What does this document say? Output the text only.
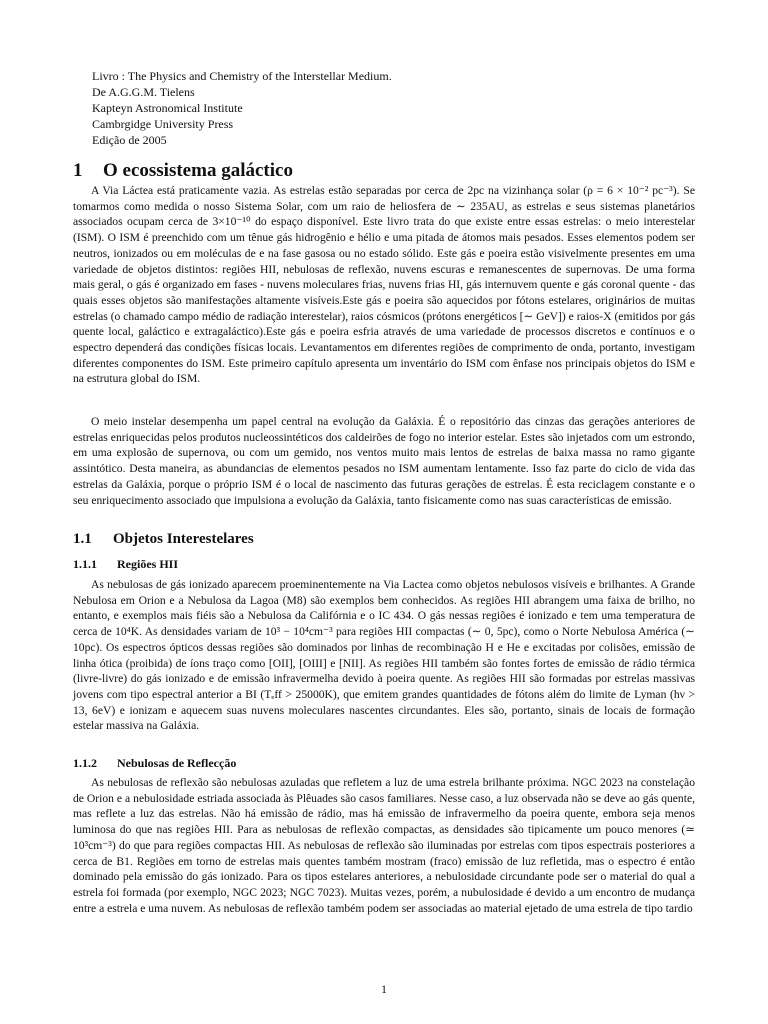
Livro : The Physics and Chemistry of the Interstellar Medium.
De A.G.G.M. Tielens
Kapteyn Astronomical Institute
Cambrgidge University Press
Edição de 2005
1 O ecossistema galáctico
A Via Láctea está praticamente vazia. As estrelas estão separadas por cerca de 2pc na vizinhança solar (ρ = 6 × 10⁻² pc⁻³). Se tomarmos como medida o nosso Sistema Solar, com um raio de heliosfera de ∼ 235AU, as estrelas e seus sistemas planetários associados ocupam cerca de 3×10⁻¹⁰ do espaço disponível. Este livro trata do que existe entre essas estrelas: o meio interestelar (ISM). O ISM é preenchido com um tênue gás hidrogênio e hélio e uma pitada de átomos mais pesados. Esses elementos podem ser neutros, ionizados ou em moléculas de e na fase gasosa ou no estado sólido. Este gás e poeira estão visivelmente presentes em uma variedade de objetos distintos: regiões HII, nebulosas de reflexão, nuvens escuras e remanescentes de supernovas. De uma forma mais geral, o gás é organizado em fases - nuvens moleculares frias, nuvens frias HI, gás internuvem quente e gás coronal quente - das quais esses objetos são manifestações altamente visíveis.Este gás e poeira são aquecidos por fótons estelares, originários de muitas estrelas (o chamado campo médio de radiação interestelar), raios cósmicos (prótons energéticos [∼ GeV]) e raios-X (emitidos por gás quente local, galáctico e extragaláctico).Este gás e poeira esfria através de uma variedade de processos discretos e contínuos e o espectro dependerá das condições físicas locais. Levantamentos em diferentes regiões de comprimento de onda, portanto, investigam diferentes componentes do ISM. Este primeiro capítulo apresenta um inventário do ISM com ênfase nos principais objetos do ISM e na estrutura global do ISM.
O meio instelar desempenha um papel central na evolução da Galáxia. É o repositório das cinzas das gerações anteriores de estrelas enriquecidas pelos produtos nucleossintéticos dos caldeirões de fogo no interior estelar. Estes são injetados com um estrondo, em uma explosão de supernova, ou com um gemido, nos ventos muito mais lentos de estrelas de baixa massa no ramo gigante assintótico. Desta maneira, as abundancias de elementos pesados no ISM aumentam lentamente. Isso faz parte do ciclo de vida das estrelas da Galáxia, porque o próprio ISM é o local de nascimento das futuras gerações de estrelas. É esta reciclagem constante e o seu enriquecimento associado que impulsiona a evolução da Galáxia, tanto fisicamente como nas suas características de emissão.
1.1 Objetos Interestelares
1.1.1 Regiões HII
As nebulosas de gás ionizado aparecem proeminentemente na Via Lactea como objetos nebulosos visíveis e brilhantes. A Grande Nebulosa em Orion e a Nebulosa da Lagoa (M8) são exemplos bem conhecidos. As regiões HII abrangem uma faixa de brilho, no entanto, e exemplos mais fiéis são a Nebulosa da Califórnia e o IC 434. O gás nessas regiões é ionizado e tem uma temperatura de cerca de 10⁴K. As densidades variam de 10³ − 10⁴cm⁻³ para regiões HII compactas (∼ 0, 5pc), como o Norte Nebulosa América (∼ 10pc). Os espectros ópticos dessas regiões são dominados por linhas de recombinação H e He e excitadas por colisões, emissão de linha ótica (proibida) de íons traço como [OII], [OIII] e [NII]. As regiões HII também são fontes fortes de emissão de rádio térmica (livre-livre) do gás ionizado e de emissão infravermelha devido à poeira quente. As regiões HII são formadas por estrelas massivas jovens com tipo espectral anterior a BI (Tₑff > 25000K), que emitem grandes quantidades de fótons além do limite de Lyman (hν > 13, 6eV) e ionizam e aquecem suas nuvens moleculares nascentes circundantes. Eles são, portanto, sinais de locais de formação estelar massiva na Galáxia.
1.1.2 Nebulosas de Reflecção
As nebulosas de reflexão são nebulosas azuladas que refletem a luz de uma estrela brilhante próxima. NGC 2023 na constelação de Orion e a nebulosidade estriada associada às Plêuades são casos familiares. Nesse caso, a luz observada não se deve ao gás quente, mas reflete a luz das estrelas. Não há emissão de rádio, mas há emissão de infravermelho da poeira quente, embora seja menos luminosa do que nas regiões HII. Para as nebulosas de reflexão compactas, as densidades são tipicamente um pouco menores (≃ 10³cm⁻³) do que para regiões compactas HII. As nebulosas de reflexão são iluminadas por estrelas com tipos espectrais posteriores a cerca de B1. Regiões em torno de estrelas mais quentes também mostram (fraco) emissão de luz refletida, mas o espectro é então dominado pela emissão do gás ionizado. Para os tipos estelares anteriores, a nebulosidade circundante pode ser o material do qual a estrela foi formada (por exemplo, NGC 2023; NGC 7023). Muitas vezes, porém, a nubulosidade é devido a um encontro de mudança entre a estrela e uma nuvem. As nebulosas de reflexão também podem ser associadas ao material ejetado de uma estrela de tipo tardio
1
